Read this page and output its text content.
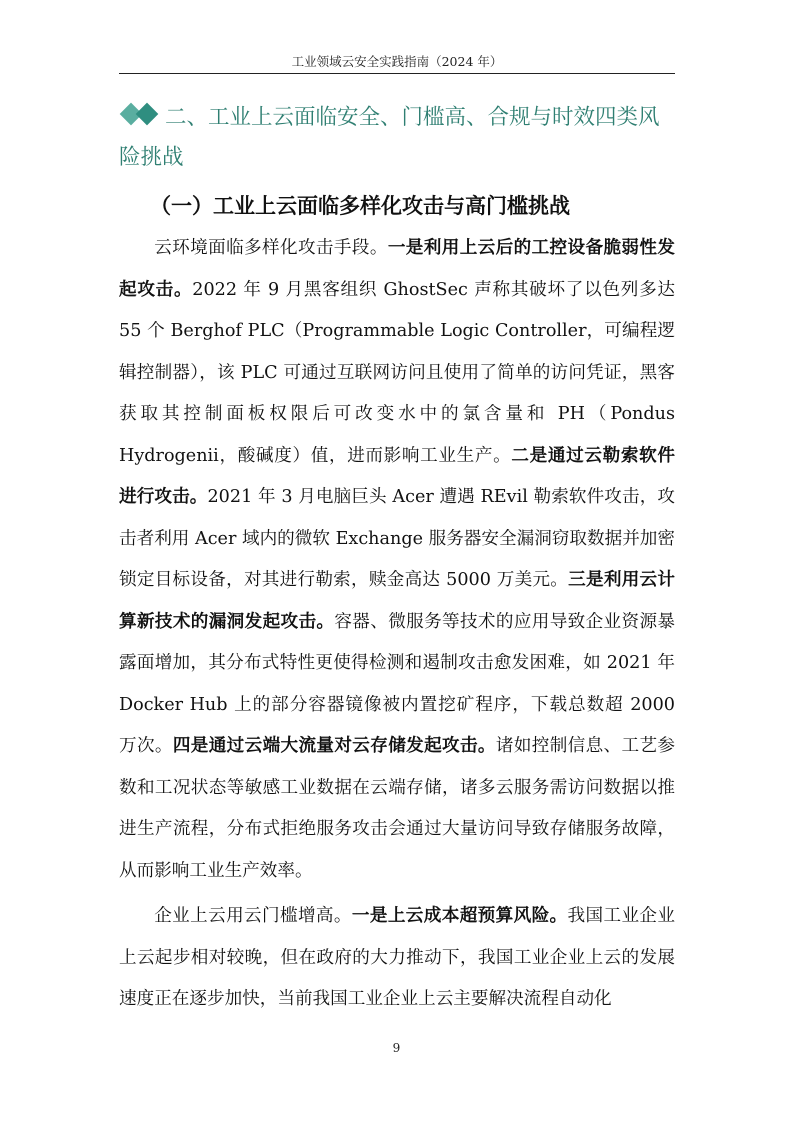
工业领域云安全实践指南（2024 年）
二、工业上云面临安全、门槛高、合规与时效四类风险挑战
（一）工业上云面临多样化攻击与高门槛挑战
云环境面临多样化攻击手段。一是利用上云后的工控设备脆弱性发起攻击。2022 年 9 月黑客组织 GhostSec 声称其破坏了以色列多达 55 个 Berghof PLC（Programmable Logic Controller，可编程逻辑控制器），该 PLC 可通过互联网访问且使用了简单的访问凭证，黑客获取其控制面板权限后可改变水中的氯含量和 PH（Pondus Hydrogenii，酸碱度）值，进而影响工业生产。二是通过云勒索软件进行攻击。2021 年 3 月电脑巨头 Acer 遭遇 REvil 勒索软件攻击，攻击者利用 Acer 域内的微软 Exchange 服务器安全漏洞窃取数据并加密锁定目标设备，对其进行勒索，赎金高达 5000 万美元。三是利用云计算新技术的漏洞发起攻击。容器、微服务等技术的应用导致企业资源暴露面增加，其分布式特性更使得检测和遏制攻击愈发困难，如 2021 年 Docker Hub 上的部分容器镜像被内置挖矿程序，下载总数超 2000 万次。四是通过云端大流量对云存储发起攻击。诸如控制信息、工艺参数和工况状态等敏感工业数据在云端存储，诸多云服务需访问数据以推进生产流程，分布式拒绝服务攻击会通过大量访问导致存储服务故障，从而影响工业生产效率。
企业上云用云门槛增高。一是上云成本超预算风险。我国工业企业上云起步相对较晚，但在政府的大力推动下，我国工业企业上云的发展速度正在逐步加快，当前我国工业企业上云主要解决流程自动化
9
